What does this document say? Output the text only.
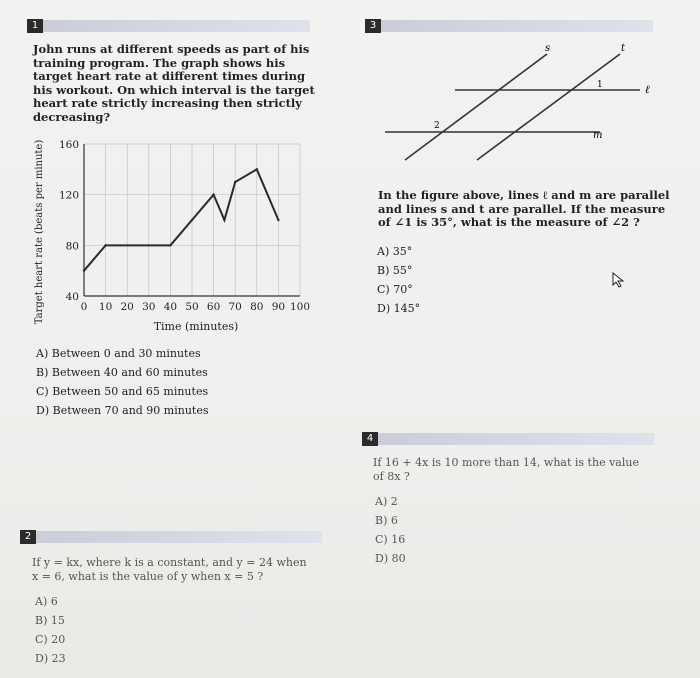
1
John runs at different speeds as part of his training program. The graph shows his target heart rate at different times during his workout. On which interval is the target heart rate strictly increasing then strictly decreasing?
0 10 20 30 40 50 60 70 80 90 100
40
80
120
160
Time (minutes)
Target heart rate (beats per minute)
A) Between 0 and 30 minutes
B) Between 40 and 60 minutes
C) Between 50 and 65 minutes
D) Between 70 and 90 minutes
3
s	t
ℓ
m
1
2
In the figure above, lines ℓ and m are parallel and lines s and t are parallel. If the measure of ∠1 is 35°, what is the measure of ∠2 ?
A) 35°
B) 55°
C) 70°
D) 145°
4
If 16 + 4x is 10 more than 14, what is the value of 8x ?
A) 2
B) 6
C) 16
D) 80
2
If y = kx, where k is a constant, and y = 24 when x = 6, what is the value of y when x = 5 ?
A) 6
B) 15
C) 20
D) 23
